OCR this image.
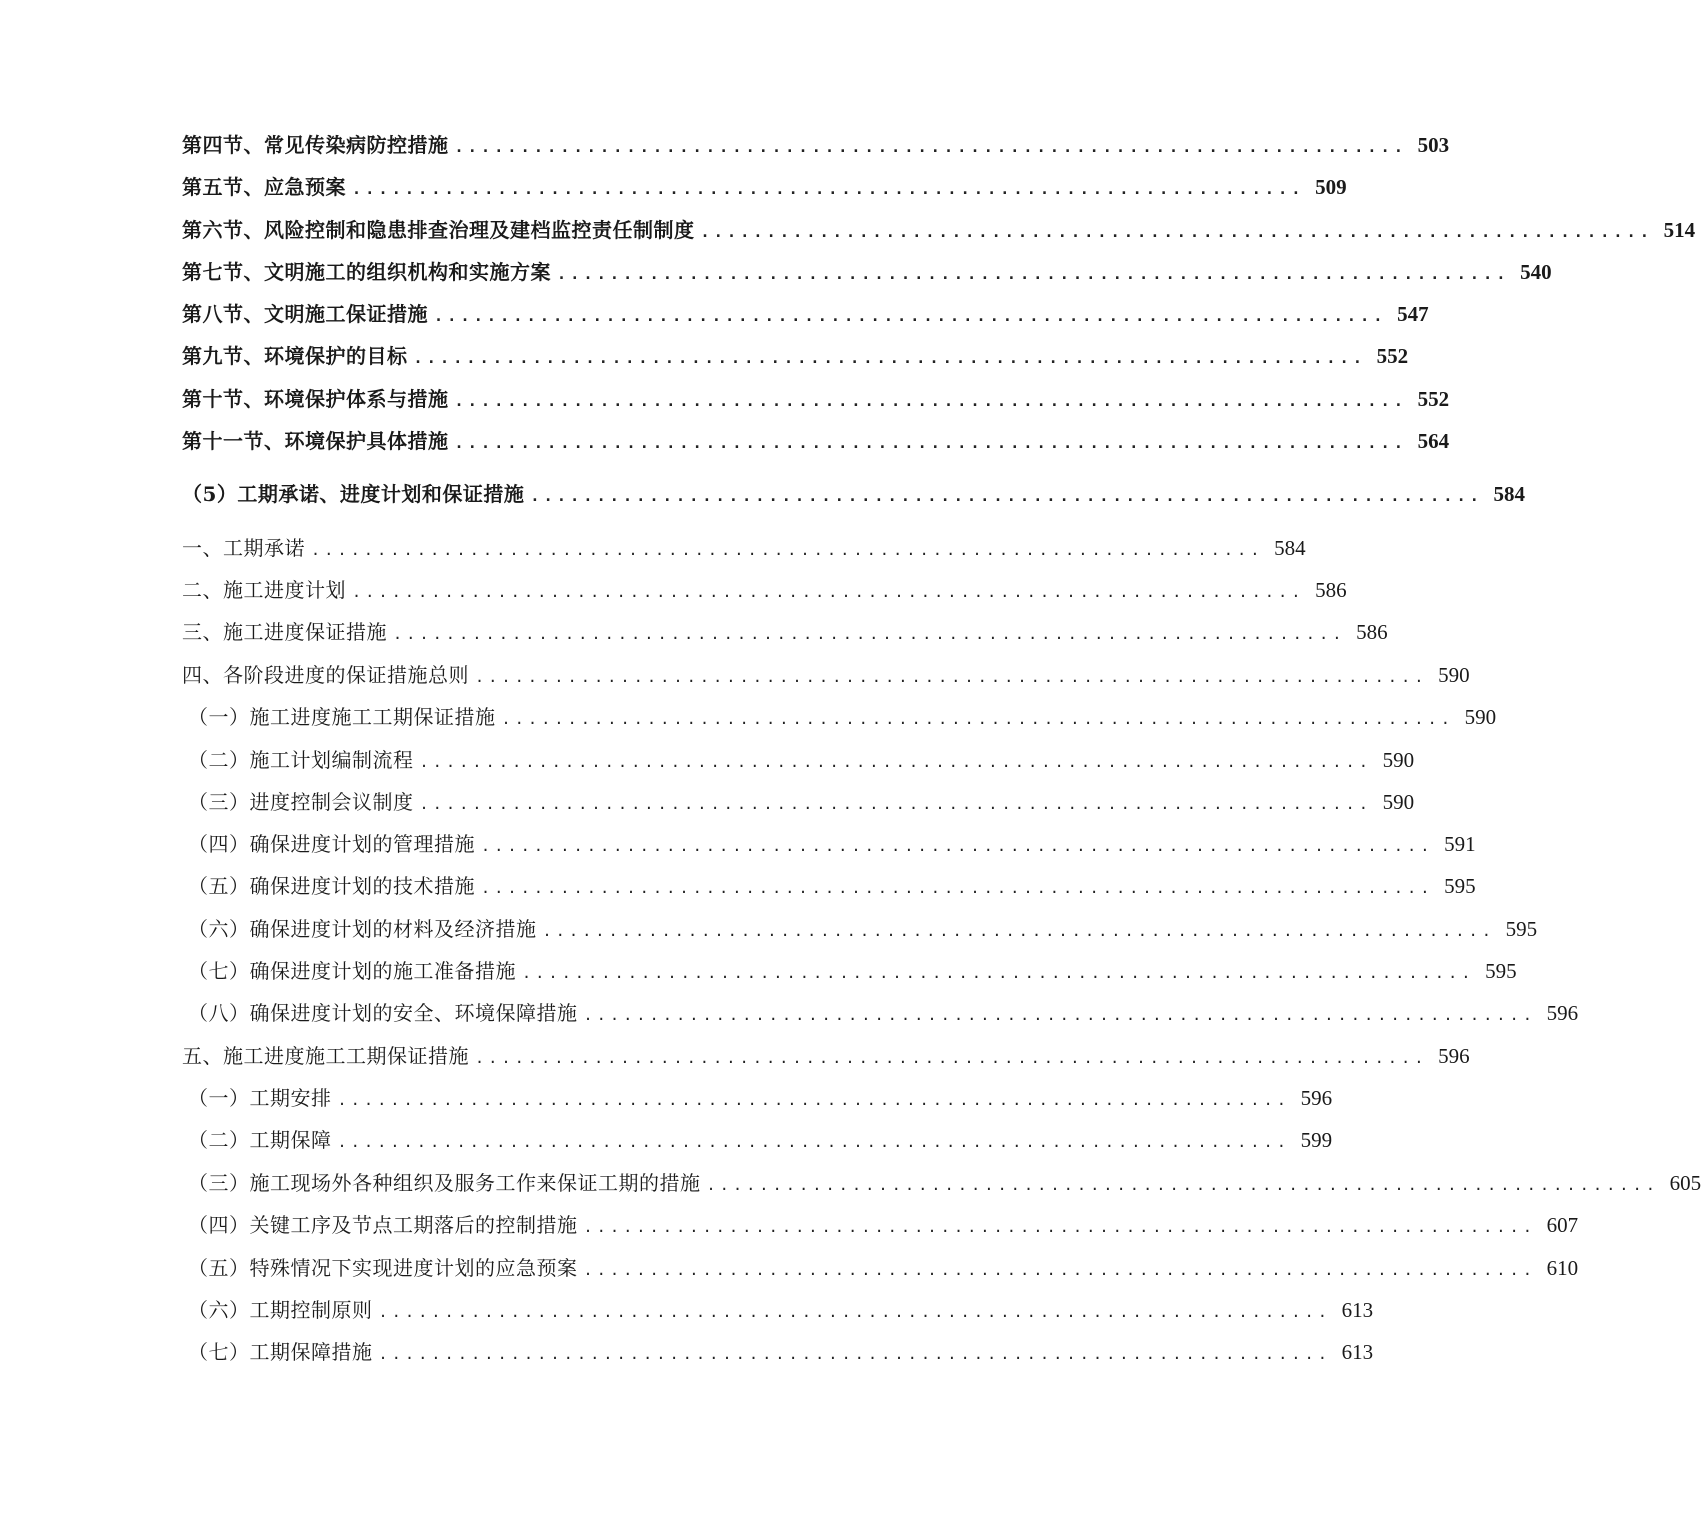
第四节、常见传染病防控措施 ........................................................................ 503
第五节、应急预案 ........................................................................ 509
第六节、风险控制和隐患排查治理及建档监控责任制制度 ........................................................................ 514
第七节、文明施工的组织机构和实施方案 ........................................................................ 540
第八节、文明施工保证措施 ........................................................................ 547
第九节、环境保护的目标 ........................................................................ 552
第十节、环境保护体系与措施 ........................................................................ 552
第十一节、环境保护具体措施 ........................................................................ 564
（5）工期承诺、进度计划和保证措施 ........................................................................ 584
一、工期承诺 ........................................................................ 584
二、施工进度计划 ........................................................................ 586
三、施工进度保证措施 ........................................................................ 586
四、各阶段进度的保证措施总则 ........................................................................ 590
（一）施工进度施工工期保证措施 ........................................................................ 590
（二）施工计划编制流程 ........................................................................ 590
（三）进度控制会议制度 ........................................................................ 590
（四）确保进度计划的管理措施 ........................................................................ 591
（五）确保进度计划的技术措施 ........................................................................ 595
（六）确保进度计划的材料及经济措施 ........................................................................ 595
（七）确保进度计划的施工准备措施 ........................................................................ 595
（八）确保进度计划的安全、环境保障措施 ........................................................................ 596
五、施工进度施工工期保证措施 ........................................................................ 596
（一）工期安排 ........................................................................ 596
（二）工期保障 ........................................................................ 599
（三）施工现场外各种组织及服务工作来保证工期的措施 ........................................................................ 605
（四）关键工序及节点工期落后的控制措施 ........................................................................ 607
（五）特殊情况下实现进度计划的应急预案 ........................................................................ 610
（六）工期控制原则 ........................................................................ 613
（七）工期保障措施 ........................................................................ 613
